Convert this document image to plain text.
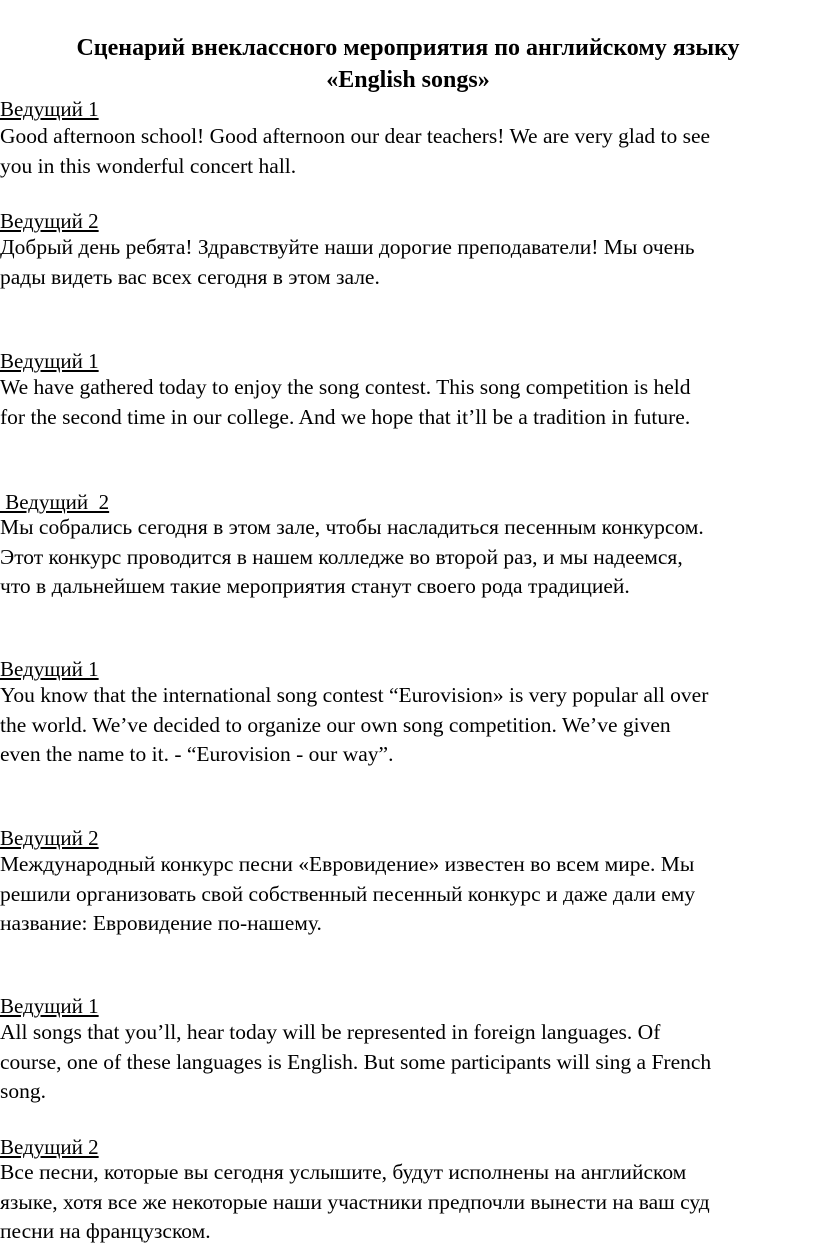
Сценарий внеклассного мероприятия по английскому языку
«English songs»
Ведущий 1
Good afternoon school! Good afternoon our dear teachers! We are very glad to see
you in this wonderful concert hall.
Ведущий 2
Добрый день ребята! Здравствуйте наши дорогие преподаватели! Мы очень
рады видеть вас всех сегодня в этом зале.
Ведущий 1
We have gathered today to enjoy the song contest. This song competition is held
for the second time in our college. And we hope that it’ll be a tradition in future.
Ведущий  2
Мы собрались сегодня в этом зале, чтобы насладиться песенным конкурсом.
Этот конкурс проводится в нашем колледже во второй раз, и мы надеемся,
что в дальнейшем такие мероприятия станут своего рода традицией.
Ведущий 1
You know that the international song contest “Eurovision» is very popular all over
the world. We’ve decided to organize our own song competition. We’ve given
even the name to it. - “Eurovision - our way”.
Ведущий 2
Международный конкурс песни «Евровидение» известен во всем мире. Мы
решили организовать свой собственный песенный конкурс и даже дали ему
название: Евровидение по-нашему.
Ведущий 1
All songs that you’ll, hear today will be represented in foreign languages. Of
course, one of these languages is English. But some participants will sing a French
song.
Ведущий 2
Все песни, которые вы сегодня услышите, будут исполнены на английском
языке, хотя все же некоторые наши участники предпочли вынести на ваш суд
песни на французском.
